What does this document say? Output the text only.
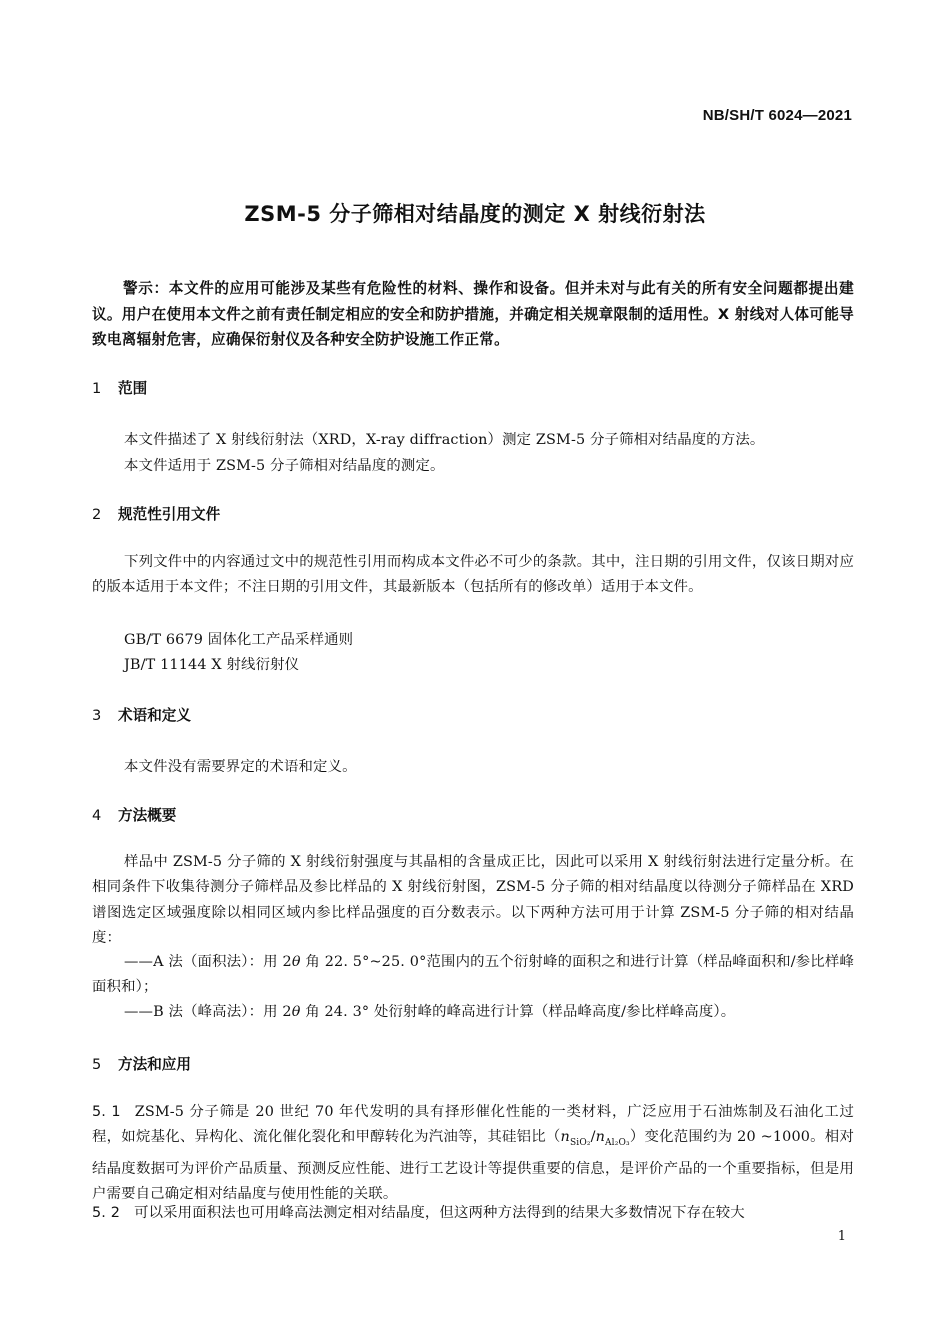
NB/SH/T 6024—2021
ZSM-5 分子筛相对结晶度的测定 X 射线衍射法
警示：本文件的应用可能涉及某些有危险性的材料、操作和设备。但并未对与此有关的所有安全问题都提出建议。用户在使用本文件之前有责任制定相应的安全和防护措施，并确定相关规章限制的适用性。X 射线对人体可能导致电离辐射危害，应确保衍射仪及各种安全防护设施工作正常。
1 范围
本文件描述了 X 射线衍射法（XRD，X-ray diffraction）测定 ZSM-5 分子筛相对结晶度的方法。
本文件适用于 ZSM-5 分子筛相对结晶度的测定。
2 规范性引用文件
下列文件中的内容通过文中的规范性引用而构成本文件必不可少的条款。其中，注日期的引用文件，仅该日期对应的版本适用于本文件；不注日期的引用文件，其最新版本（包括所有的修改单）适用于本文件。
GB/T 6679 固体化工产品采样通则
JB/T 11144 X 射线衍射仪
3 术语和定义
本文件没有需要界定的术语和定义。
4 方法概要
样品中 ZSM-5 分子筛的 X 射线衍射强度与其晶相的含量成正比，因此可以采用 X 射线衍射法进行定量分析。在相同条件下收集待测分子筛样品及参比样品的 X 射线衍射图，ZSM-5 分子筛的相对结晶度以待测分子筛样品在 XRD 谱图选定区域强度除以相同区域内参比样品强度的百分数表示。以下两种方法可用于计算 ZSM-5 分子筛的相对结晶度：
——A 法（面积法）：用 2θ 角 22. 5°~25. 0°范围内的五个衍射峰的面积之和进行计算（样品峰面积和/参比样峰面积和）；
——B 法（峰高法）：用 2θ 角 24. 3° 处衍射峰的峰高进行计算（样品峰高度/参比样峰高度）。
5 方法和应用
5. 1 ZSM-5 分子筛是 20 世纪 70 年代发明的具有择形催化性能的一类材料，广泛应用于石油炼制及石油化工过程，如烷基化、异构化、流化催化裂化和甲醇转化为汽油等，其硅铝比$(n_{SiO_2}/n_{Al_2O_3})$变化范围约为 20 ~1000。相对结晶度数据可为评价产品质量、预测反应性能、进行工艺设计等提供重要的信息，是评价产品的一个重要指标，但是用户需要自己确定相对结晶度与使用性能的关联。
5. 2 可以采用面积法也可用峰高法测定相对结晶度，但这两种方法得到的结果大多数情况下存在较大
1
